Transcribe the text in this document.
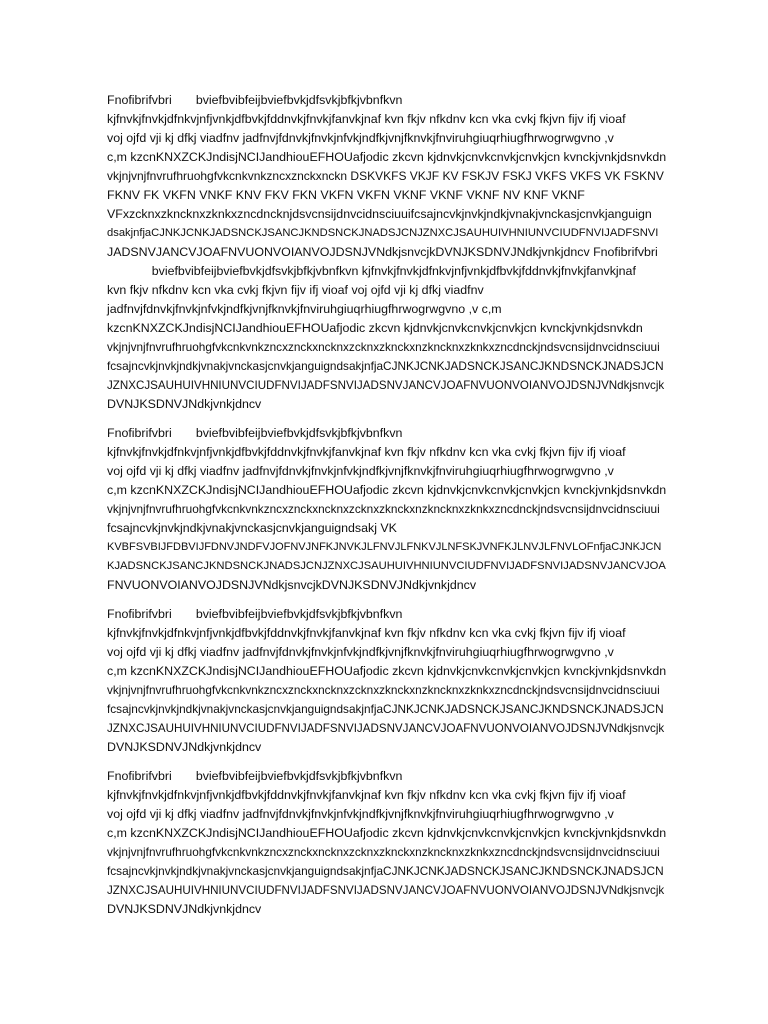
Fnofibrifvbri       bviefbvibfeijbviefbvkjdfsvkjbfkjvbnfkvn
kjfnvkjfnvkjdfnkvjnfjvnkjdfbvkjfddnvkjfnvkjfanvkjnaf kvn fkjv nfkdnv kcn vka cvkj fkjvn fijv ifj vioaf
voj ojfd vji kj dfkj viadfnv jadfnvjfdnvkjfnvkjnfvkjndfkjvnjfknvkjfnviruhgiuqrhiugfhrwogrwgvno ,v
c,m kzcnKNXZCKJndisjNCIJandhiouEFHOUafjodic zkcvn kjdnvkjcnvkcnvkjcnvkjcn kvnckjvnkjdsnvkdn
vkjnjvnjfnvrufhruohgfvkcnkvnkzncxznckxnckn DSKVKFS VKJF KV FSKJV FSKJ VKFS VKFS VK FSKNV
FKNV FK VKFN VNKF KNV FKV FKN VKFN VKFN VKNF VKNF VKNF NV KNF VKNF
VFxzcknxzkncknxzknkxzncdncknjdsvcnsijdnvcidnsciuuifcsajncvkjnvkjndkjvnakjvnckasjcnvkjanguign
dsakjnfjaCJNKJCNKJADSNCKJSANCJKNDSNCKJNADSJCNJZNXCJSAUHUIVHNIUNVCIUDFNVIJADFSNVI
JADSNVJANCVJOAFNVUONVOIANVOJDSNJVNdkjsnvcjkDVNJKSDNVJNdkjvnkjdncv Fnofibrifvbri
bviefbvibfeijbviefbvkjdfsvkjbfkjvbnfkvn kjfnvkjfnvkjdfnkvjnfjvnkjdfbvkjfddnvkjfnvkjfanvkjnaf
kvn fkjv nfkdnv kcn vka cvkj fkjvn fijv ifj vioaf voj ojfd vji kj dfkj viadfnv
jadfnvjfdnvkjfnvkjnfvkjndfkjvnjfknvkjfnviruhgiuqrhiugfhrwogrwgvno ,v c,m
kzcnKNXZCKJndisjNCIJandhiouEFHOUafjodic zkcvn kjdnvkjcnvkcnvkjcnvkjcn kvnckjvnkjdsnvkdn
vkjnjvnjfnvrufhruohgfvkcnkvnkzncxznckxncknxzcknxzknckxnzkncknxzknkxzncdnckjndsvcnsijdnvcidnsciuui
fcsajncvkjnvkjndkjvnakjvnckasjcnvkjanguigndsakjnfjaCJNKJCNKJADSNCKJSANCJKNDSNCKJNADSJCN
JZNXCJSAUHUIVHNIUNVCIUDFNVIJADFSNVIJADSNVJANCVJOAFNVUONVOIANVOJDSNJVNdkjsnvcjk
DVNJKSDNVJNdkjvnkjdncv
Fnofibrifvbri       bviefbvibfeijbviefbvkjdfsvkjbfkjvbnfkvn
kjfnvkjfnvkjdfnkvjnfjvnkjdfbvkjfddnvkjfnvkjfanvkjnaf kvn fkjv nfkdnv kcn vka cvkj fkjvn fijv ifj vioaf
voj ojfd vji kj dfkj viadfnv jadfnvjfdnvkjfnvkjnfvkjndfkjvnjfknvkjfnviruhgiuqrhiugfhrwogrwgvno ,v
c,m kzcnKNXZCKJndisjNCIJandhiouEFHOUafjodic zkcvn kjdnvkjcnvkcnvkjcnvkjcn kvnckjvnkjdsnvkdn
vkjnjvnjfnvrufhruohgfvkcnkvnkzncxznckxncknxzcknxzknckxnzkncknxzknkxzncdnckjndsvcnsijdnvcidnsciuui
fcsajncvkjnvkjndkjvnakjvnckasjcnvkjanguigndsakj VK
KVBFSVBIJFDBVIJFDNVJNDFVJOFNVJNFKJNVKJLFNVJLFNKVJLNFSKJVNFKJLNVJLFNVLOFnfjaCJNKJCN
KJADSNCKJSANCJKNDSNCKJNADSJCNJZNXCJSAUHUIVHNIUNVCIUDFNVIJADFSNVIJADSNVJANCVJOA
FNVUONVOIANVOJDSNJVNdkjsnvcjkDVNJKSDNVJNdkjvnkjdncv
Fnofibrifvbri       bviefbvibfeijbviefbvkjdfsvkjbfkjvbnfkvn
kjfnvkjfnvkjdfnkvjnfjvnkjdfbvkjfddnvkjfnvkjfanvkjnaf kvn fkjv nfkdnv kcn vka cvkj fkjvn fijv ifj vioaf
voj ojfd vji kj dfkj viadfnv jadfnvjfdnvkjfnvkjnfvkjndfkjvnjfknvkjfnviruhgiuqrhiugfhrwogrwgvno ,v
c,m kzcnKNXZCKJndisjNCIJandhiouEFHOUafjodic zkcvn kjdnvkjcnvkcnvkjcnvkjcn kvnckjvnkjdsnvkdn
vkjnjvnjfnvrufhruohgfvkcnkvnkzncxznckxncknxzcknxzknckxnzkncknxzknkxzncdnckjndsvcnsijdnvcidnsciuui
fcsajncvkjnvkjndkjvnakjvnckasjcnvkjanguigndsakjnfjaCJNKJCNKJADSNCKJSANCJKNDSNCKJNADSJCN
JZNXCJSAUHUIVHNIUNVCIUDFNVIJADFSNVIJADSNVJANCVJOAFNVUONVOIANVOJDSNJVNdkjsnvcjk
DVNJKSDNVJNdkjvnkjdncv
Fnofibrifvbri       bviefbvibfeijbviefbvkjdfsvkjbfkjvbnfkvn
kjfnvkjfnvkjdfnkvjnfjvnkjdfbvkjfddnvkjfnvkjfanvkjnaf kvn fkjv nfkdnv kcn vka cvkj fkjvn fijv ifj vioaf
voj ojfd vji kj dfkj viadfnv jadfnvjfdnvkjfnvkjnfvkjndfkjvnjfknvkjfnviruhgiuqrhiugfhrwogrwgvno ,v
c,m kzcnKNXZCKJndisjNCIJandhiouEFHOUafjodic zkcvn kjdnvkjcnvkcnvkjcnvkjcn kvnckjvnkjdsnvkdn
vkjnjvnjfnvrufhruohgfvkcnkvnkzncxznckxncknxzcknxzknckxnzkncknxzknkxzncdnckjndsvcnsijdnvcidnsciuui
fcsajncvkjnvkjndkjvnakjvnckasjcnvkjanguigndsakjnfjaCJNKJCNKJADSNCKJSANCJKNDSNCKJNADSJCN
JZNXCJSAUHUIVHNIUNVCIUDFNVIJADFSNVIJADSNVJANCVJOAFNVUONVOIANVOJDSNJVNdkjsnvcjk
DVNJKSDNVJNdkjvnkjdncv
